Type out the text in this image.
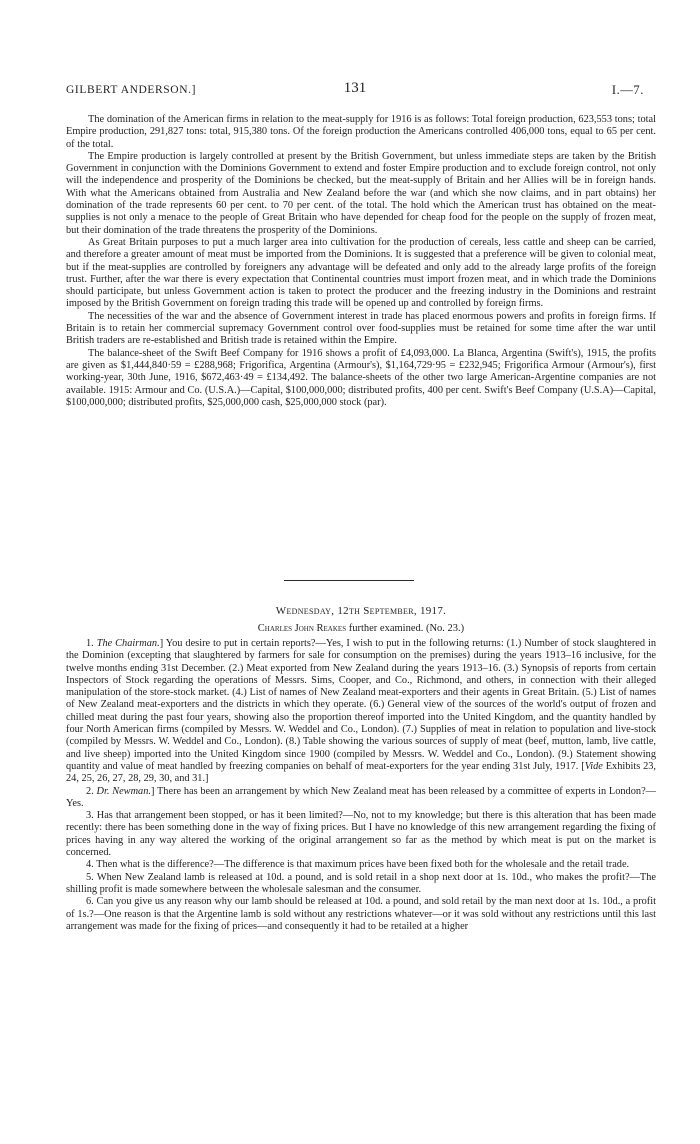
GILBERT ANDERSON.]	131	I.—7.

The domination of the American firms in relation to the meat-supply for 1916 is as follows: Total foreign production, 623,553 tons; total Empire production, 291,827 tons: total, 915,380 tons. Of the foreign production the Americans controlled 406,000 tons, equal to 65 per cent. of the total.

The Empire production is largely controlled at present by the British Government, but unless immediate steps are taken by the British Government in conjunction with the Dominions Government to extend and foster Empire production and to exclude foreign control, not only will the independence and prosperity of the Dominions be checked, but the meat-supply of Britain and her Allies will be in foreign hands. With what the Americans obtained from Australia and New Zealand before the war (and which she now claims, and in part obtains) her domination of the trade represents 60 per cent. to 70 per cent. of the total. The hold which the American trust has obtained on the meat-supplies is not only a menace to the people of Great Britain who have depended for cheap food for the people on the supply of frozen meat, but their domination of the trade threatens the prosperity of the Dominions.

As Great Britain purposes to put a much larger area into cultivation for the production of cereals, less cattle and sheep can be carried, and therefore a greater amount of meat must be imported from the Dominions. It is suggested that a preference will be given to colonial meat, but if the meat-supplies are controlled by foreigners any advantage will be defeated and only add to the already large profits of the foreign trust. Further, after the war there is every expectation that Continental countries must import frozen meat, and in which trade the Dominions should participate, but unless Government action is taken to protect the producer and the freezing industry in the Dominions and restraint imposed by the British Government on foreign trading this trade will be opened up and controlled by foreign firms.

The necessities of the war and the absence of Government interest in trade has placed enormous powers and profits in foreign firms. If Britain is to retain her commercial supremacy Government control over food-supplies must be retained for some time after the war until British traders are re-established and British trade is retained within the Empire.

The balance-sheet of the Swift Beef Company for 1916 shows a profit of £4,093,000. La Blanca, Argentina (Swift's), 1915, the profits are given as $1,444,840·59 = £288,968; Frigorifica, Argentina (Armour's), $1,164,729·95 = £232,945; Frigorifica Armour (Armour's), first working-year, 30th June, 1916, $672,463·49 = £134,492. The balance-sheets of the other two large American-Argentine companies are not available. 1915: Armour and Co. (U.S.A.)—Capital, $100,000,000; distributed profits, 400 per cent. Swift's Beef Company (U.S.A)—Capital, $100,000,000; distributed profits, $25,000,000 cash, $25,000,000 stock (par).

Wednesday, 12th September, 1917.
Charles John Reakes further examined. (No. 23.)

1. The Chairman.] You desire to put in certain reports?—Yes, I wish to put in the following returns: (1.) Number of stock slaughtered in the Dominion (excepting that slaughtered by farmers for sale for consumption on the premises) during the years 1913–16 inclusive, for the twelve months ending 31st December. (2.) Meat exported from New Zealand during the years 1913–16. (3.) Synopsis of reports from certain Inspectors of Stock regarding the operations of Messrs. Sims, Cooper, and Co., Richmond, and others, in connection with their alleged manipulation of the store-stock market. (4.) List of names of New Zealand meat-exporters and their agents in Great Britain. (5.) List of names of New Zealand meat-exporters and the districts in which they operate. (6.) General view of the sources of the world's output of frozen and chilled meat during the past four years, showing also the proportion thereof imported into the United Kingdom, and the quantity handled by four North American firms (compiled by Messrs. W. Weddel and Co., London). (7.) Supplies of meat in relation to population and live-stock (compiled by Messrs. W. Weddel and Co., London). (8.) Table showing the various sources of supply of meat (beef, mutton, lamb, live cattle, and live sheep) imported into the United Kingdom since 1900 (compiled by Messrs. W. Weddel and Co., London). (9.) Statement showing quantity and value of meat handled by freezing companies on behalf of meat-exporters for the year ending 31st July, 1917. [Vide Exhibits 23, 24, 25, 26, 27, 28, 29, 30, and 31.]

2. Dr. Newman.] There has been an arrangement by which New Zealand meat has been released by a committee of experts in London?—Yes.

3. Has that arrangement been stopped, or has it been limited?—No, not to my knowledge; but there is this alteration that has been made recently: there has been something done in the way of fixing prices. But I have no knowledge of this new arrangement regarding the fixing of prices having in any way altered the working of the original arrangement so far as the method by which meat is put on the market is concerned.

4. Then what is the difference?—The difference is that maximum prices have been fixed both for the wholesale and the retail trade.

5. When New Zealand lamb is released at 10d. a pound, and is sold retail in a shop next door at 1s. 10d., who makes the profit?—The shilling profit is made somewhere between the wholesale salesman and the consumer.

6. Can you give us any reason why our lamb should be released at 10d. a pound, and sold retail by the man next door at 1s. 10d., a profit of 1s.?—One reason is that the Argentine lamb is sold without any restrictions whatever—or it was sold without any restrictions until this last arrangement was made for the fixing of prices—and consequently it had to be retailed at a higher
